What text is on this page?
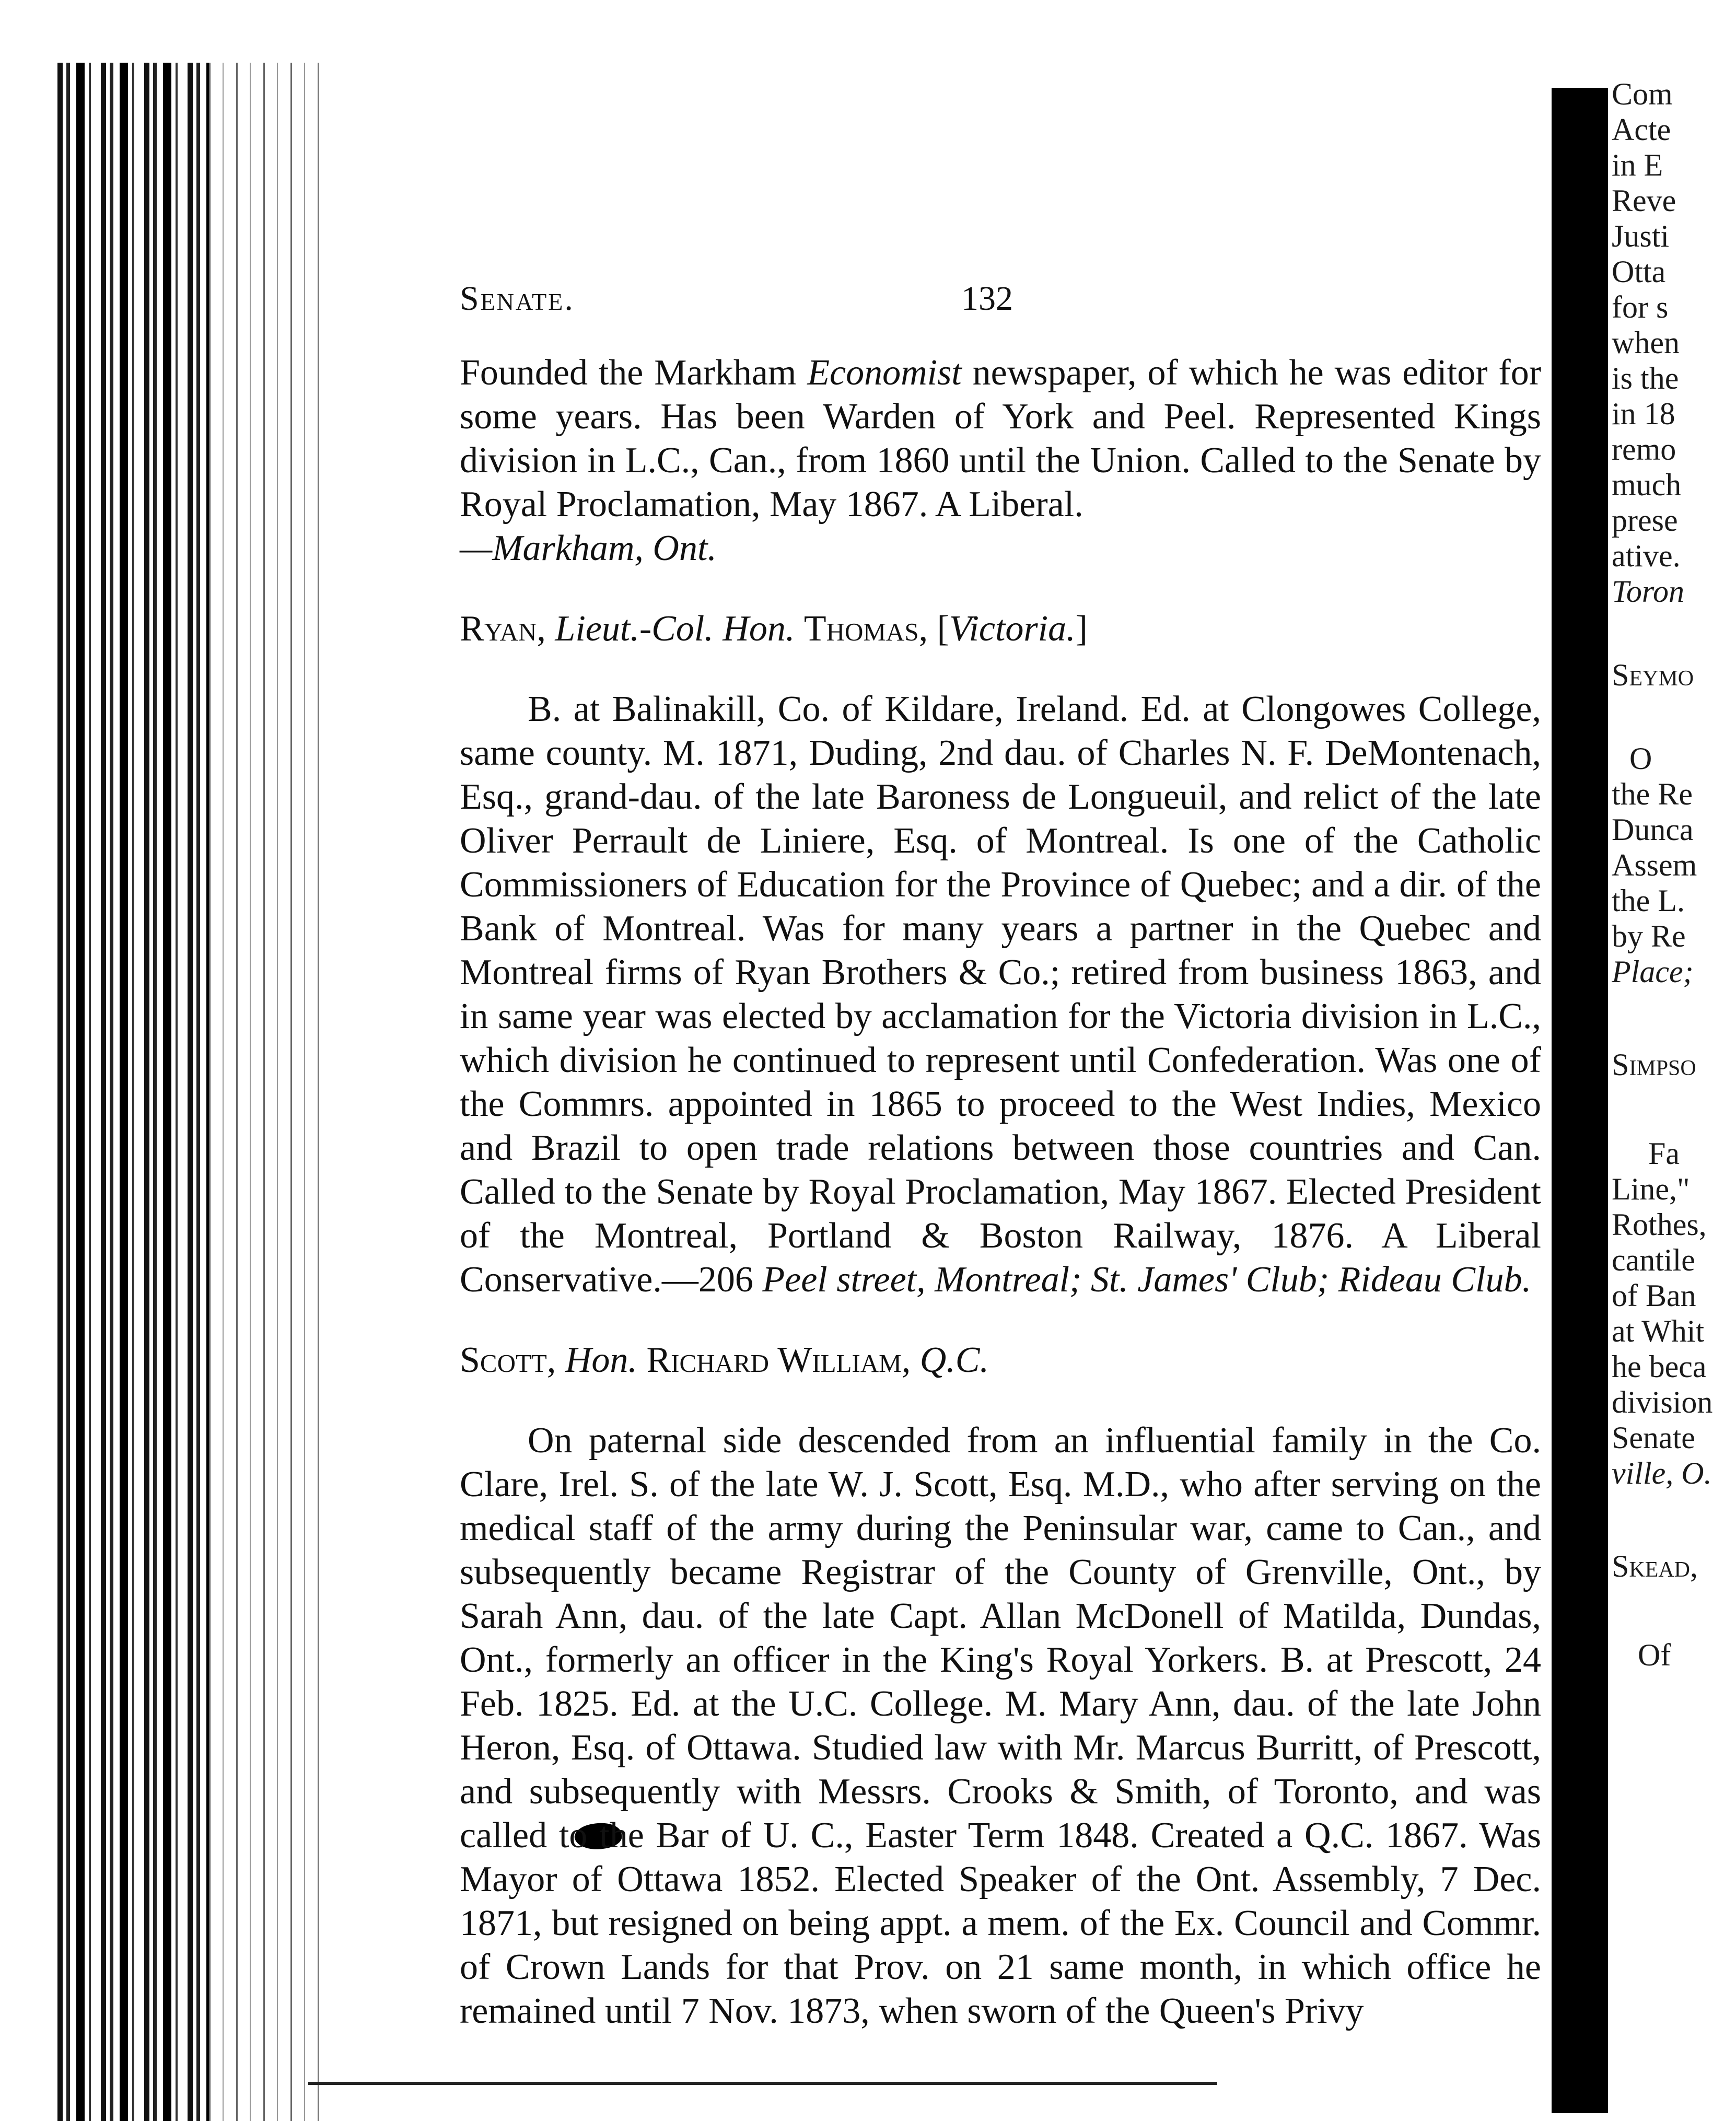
Senate.	132

Founded the Markham Economist newspaper, of which he was editor for some years. Has been Warden of York and Peel. Represented Kings division in L.C., Can., from 1860 until the Union. Called to the Senate by Royal Proclamation, May 1867. A Liberal.

—Markham, Ont.

Ryan, Lieut.-Col. Hon. Thomas, [Victoria.]

B. at Balinakill, Co. of Kildare, Ireland. Ed. at Clongowes College, same county. M. 1871, Duding, 2nd dau. of Charles N. F. DeMontenach, Esq., grand-dau. of the late Baroness de Longueuil, and relict of the late Oliver Perrault de Liniere, Esq. of Montreal. Is one of the Catholic Commissioners of Education for the Province of Quebec; and a dir. of the Bank of Montreal. Was for many years a partner in the Quebec and Montreal firms of Ryan Brothers & Co.; retired from business 1863, and in same year was elected by acclamation for the Victoria division in L.C., which division he continued to represent until Confederation. Was one of the Commrs. appointed in 1865 to proceed to the West Indies, Mexico and Brazil to open trade relations between those countries and Can. Called to the Senate by Royal Proclamation, May 1867. Elected President of the Montreal, Portland & Boston Railway, 1876. A Liberal Conservative.—206 Peel street, Montreal; St. James' Club; Rideau Club.

Scott, Hon. Richard William, Q.C.

On paternal side descended from an influential family in the Co. Clare, Irel. S. of the late W. J. Scott, Esq. M.D., who after serving on the medical staff of the army during the Peninsular war, came to Can., and subsequently became Registrar of the County of Grenville, Ont., by Sarah Ann, dau. of the late Capt. Allan McDonell of Matilda, Dundas, Ont., formerly an officer in the King's Royal Yorkers. B. at Prescott, 24 Feb. 1825. Ed. at the U.C. College. M. Mary Ann, dau. of the late John Heron, Esq. of Ottawa. Studied law with Mr. Marcus Burritt, of Prescott, and subsequently with Messrs. Crooks & Smith, of Toronto, and was called to the Bar of U. C., Easter Term 1848. Created a Q.C. 1867. Was Mayor of Ottawa 1852. Elected Speaker of the Ont. Assembly, 7 Dec. 1871, but resigned on being appt. a mem. of the Ex. Council and Commr. of Crown Lands for that Prov. on 21 same month, in which office he remained until 7 Nov. 1873, when sworn of the Queen's Privy

Com
Acte
in E
Reve
Justi
Otta
for s
when
is the
in 18
remo
much
prese
ative.
Toron
Seymo
O
the Re
Dunca
Assem
the L.
by Re
Place;
Simpso
Fa
Line,"
Rothes,
cantile
of Ban
at Whit
he beca
division
Senate
ville, O.
Skead,
Of
